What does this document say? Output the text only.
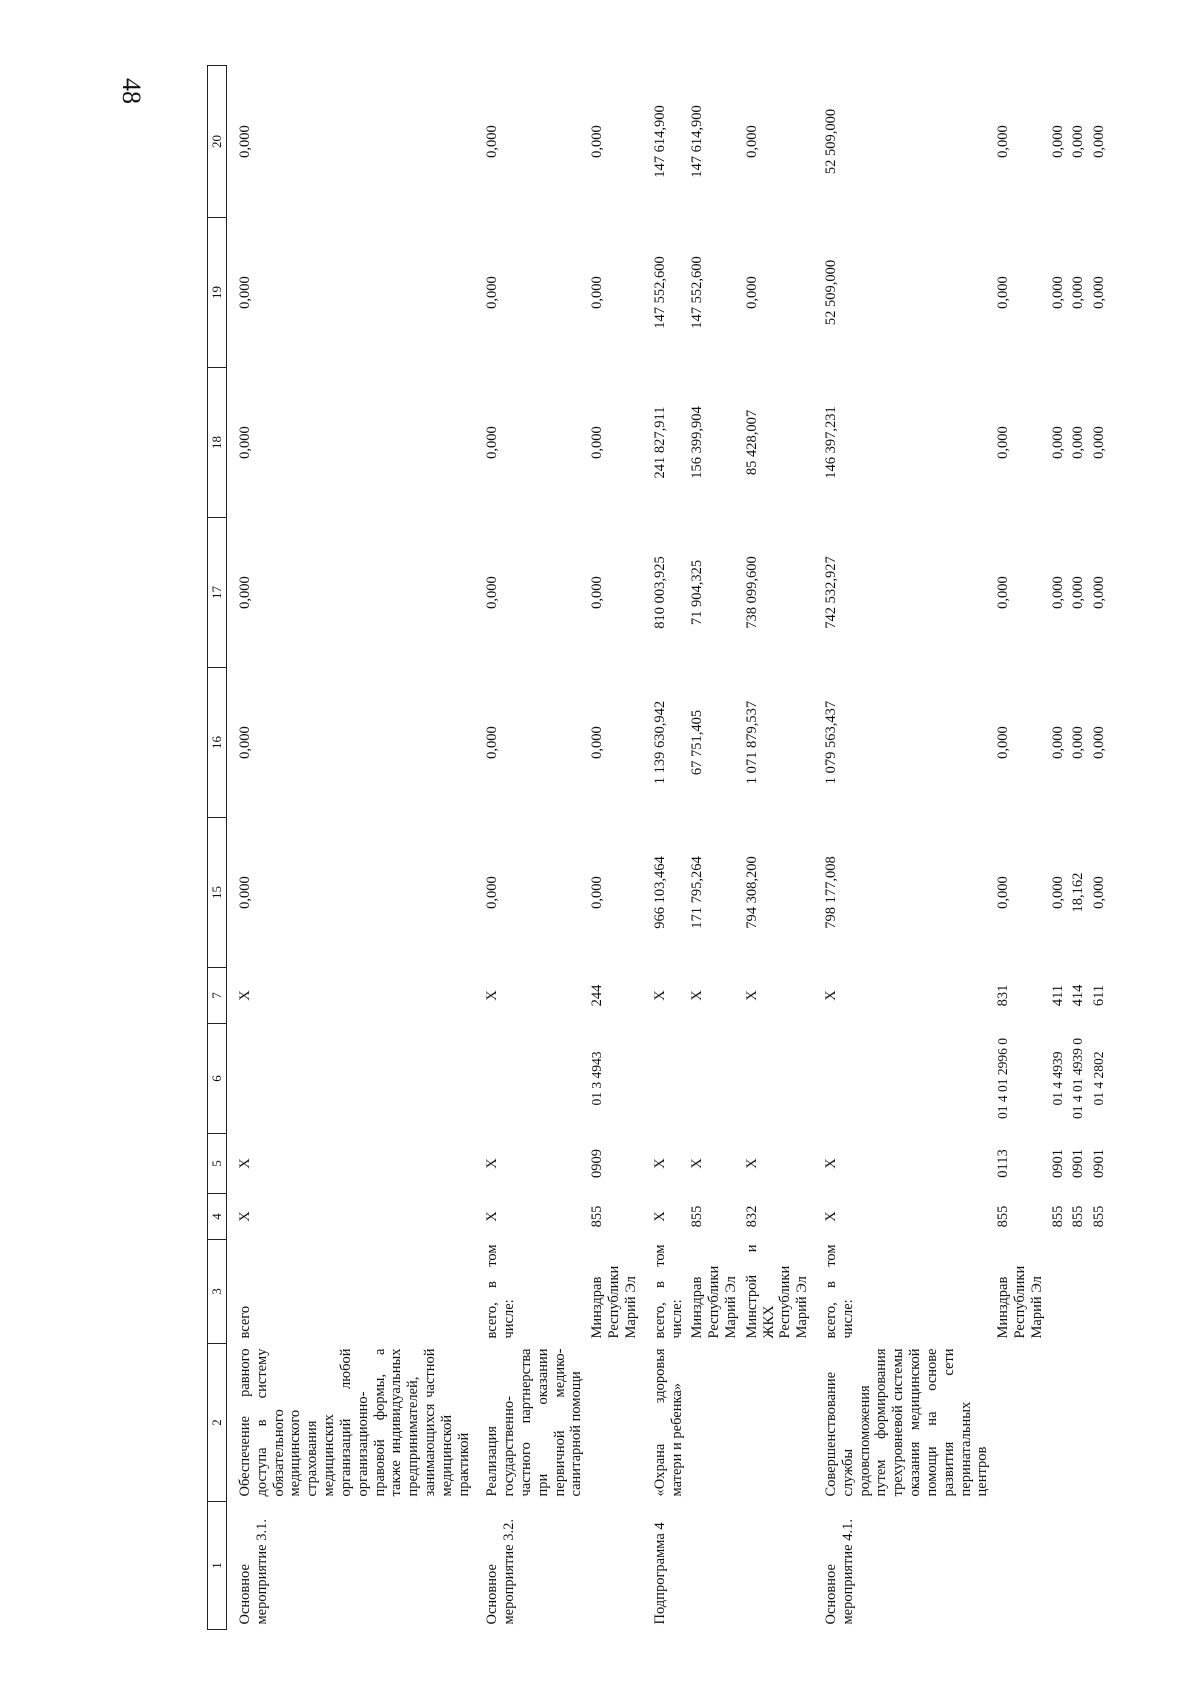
48
1	2	3	4	5	6	7	15	16	17	18	19	20
Основное мероприятие 3.1.	Обеспечение равного доступа в систему обязательного медицинского страхования медицинских организаций любой организационно-правовой формы, а также индивидуальных предпринимателей, занимающихся частной медицинской практикой	всего	Х	Х		Х	0,000	0,000	0,000	0,000	0,000	0,000
Основное мероприятие 3.2.	Реализация государственно-частного партнерства при оказании первичной медико-санитарной помощи	всего, в том числе:	Х	Х		Х	0,000	0,000	0,000	0,000	0,000	0,000
		Минздрав Республики Марий Эл	855	0909	01 3 4943	244	0,000	0,000	0,000	0,000	0,000	0,000
Подпрограмма 4	«Охрана здоровья матери и ребенка»	всего, в том числе:	Х	Х		Х	966 103,464	1 139 630,942	810 003,925	241 827,911	147 552,600	147 614,900
		Минздрав Республики Марий Эл	855	Х		Х	171 795,264	67 751,405	71 904,325	156 399,904	147 552,600	147 614,900
		Минстрой и ЖКХ Республики Марий Эл	832	Х		Х	794 308,200	1 071 879,537	738 099,600	85 428,007	0,000	0,000
Основное мероприятие 4.1.	Совершенствование службы родовспоможения путем формирования трехуровневой системы оказания медицинской помощи на основе развития сети перинатальных центров	всего, в том числе:	Х	Х		Х	798 177,008	1 079 563,437	742 532,927	146 397,231	52 509,000	52 509,000
		Минздрав Республики Марий Эл	855	0113	01 4 01 2996 0	831	0,000	0,000	0,000	0,000	0,000	0,000
			855	0901	01 4 4939	411	0,000	0,000	0,000	0,000	0,000	0,000
			855	0901	01 4 01 4939 0	414	18,162	0,000	0,000	0,000	0,000	0,000
			855	0901	01 4 2802	611	0,000	0,000	0,000	0,000	0,000	0,000
